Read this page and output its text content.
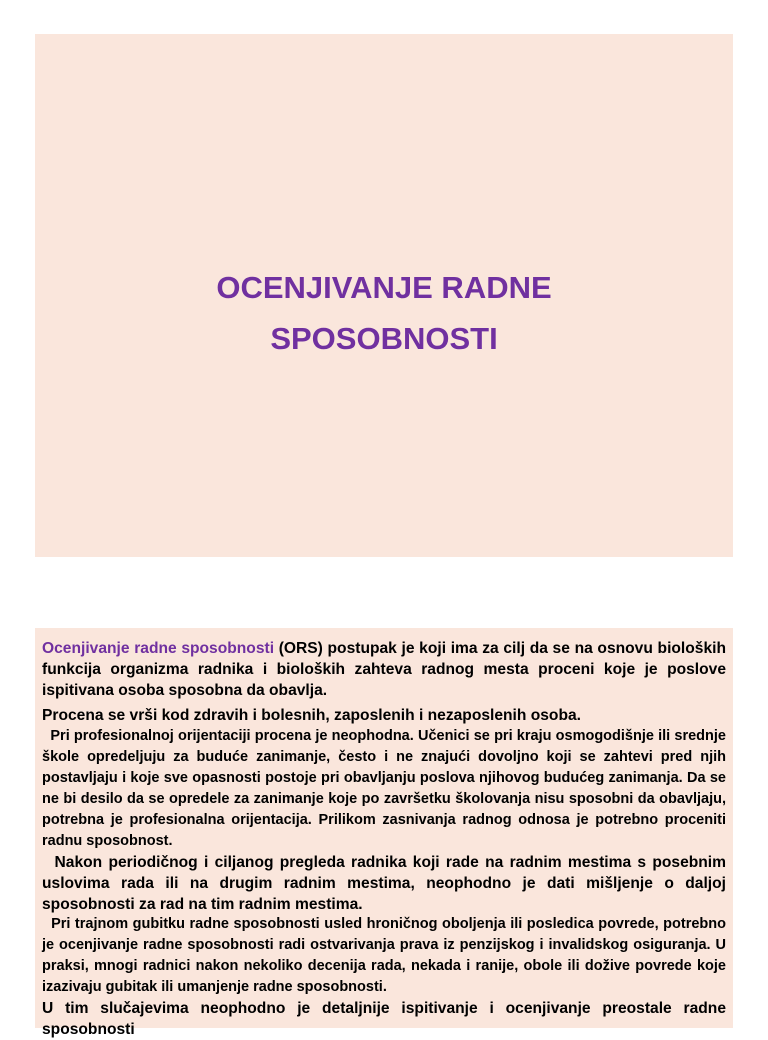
OCENJIVANJE RADNE
SPOSOBNOSTI
Ocenjivanje radne sposobnosti (ORS) postupak je koji ima za cilj da se na osnovu bioloških funkcija organizma radnika i bioloških zahteva radnog mesta proceni koje je poslove ispitivana osoba sposobna da obavlja.
Procena se vrši kod zdravih i bolesnih, zaposlenih i nezaposlenih osoba.
Pri profesionalnoj orijentaciji procena je neophodna. Učenici se pri kraju osmogodišnje ili srednje škole opredeljuju za buduće zanimanje, često i ne znajući dovoljno koji se zahtevi pred njih postavljaju i koje sve opasnosti postoje pri obavljanju poslova njihovog budućeg zanimanja. Da se ne bi desilo da se opredele za zanimanje koje po završetku školovanja nisu sposobni da obavljaju, potrebna je profesionalna orijentacija. Prilikom zasnivanja radnog odnosa je potrebno proceniti radnu sposobnost.
Nakon periodičnog i ciljanog pregleda radnika koji rade na radnim mestima s posebnim uslovima rada ili na drugim radnim mestima, neophodno je dati mišljenje o daljoj sposobnosti za rad na tim radnim mestima.
Pri trajnom gubitku radne sposobnosti usled hroničnog oboljenja ili posledica povrede, potrebno je ocenjivanje radne sposobnosti radi ostvarivanja prava iz penzijskog i invalidskog osiguranja. U praksi, mnogi radnici nakon nekoliko decenija rada, nekada i ranije, obole ili dožive povrede koje izazivaju gubitak ili umanjenje radne sposobnosti.
U tim slučajevima neophodno je detaljnije ispitivanje i ocenjivanje preostale radne sposobnosti
